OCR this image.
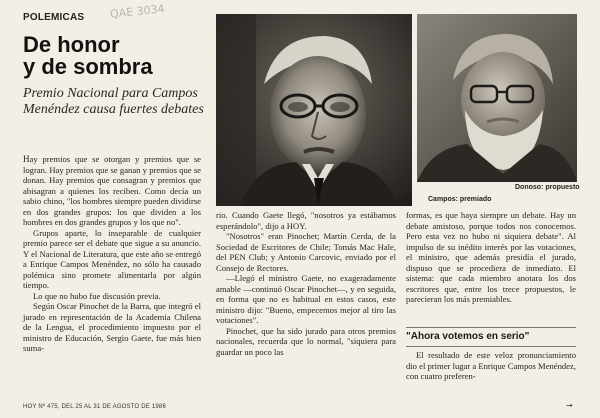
POLEMICAS QAE 3034
De honor
y de sombra

Premio Nacional para Campos Menéndez causa fuertes debates

Donoso: propuesto
Campos: premiado

Hay premios que se otorgan y premios que se logran. Hay premios que se ganan y premios que se donan. Hay premios que consagran y premios que abisagran a quienes los reciben. Como decía un sabio chino, "los hombres siempre pueden dividirse en dos grandes grupos: los que dividen a los hombres en dos grandes grupos y los que no".

Grupos aparte, lo inseparable de cualquier premio parece ser el debate que sigue a su anuncio. Y el Nacional de Literatura, que este año se entregó a Enrique Campos Menéndez, no sólo ha causado polémica sino promete alimentarla por algún tiempo.

Lo que no hubo fue discusión previa.

Según Oscar Pinochet de la Barra, que integró el jurado en representación de la Academia Chilena de la Lengua, el procedimiento impuesto por el ministro de Educación, Sergio Gaete, fue más bien suma-

rio. Cuando Gaete llegó, "nosotros ya estábamos esperándolo", dijo a HOY.

"Nosotros" eran Pinochet; Martín Cerda, de la Sociedad de Escritores de Chile; Tomás Mac Hale, del PEN Club; y Antonio Carcovic, enviado por el Consejo de Rectores.

—Llegó el ministro Gaete, no exageradamente amable —continuó Oscar Pinochet—, y en seguida, en forma que no es habitual en estos casos, este ministro dijo: "Bueno, empecemos mejor al tiro las votaciones".

Pinochet, que ha sido jurado para otros premios nacionales, recuerda que lo normal, "siquiera para guardar un poco las

formas, es que haya siempre un debate. Hay un debate amistoso, porque todos nos conocemos. Pero esta vez no hubo ni siquiera debate". Al impulso de su inédito interés por las votaciones, el ministro, que además presidía el jurado, dispuso que se procediera de inmediato. El sistema: que cada miembro anotara los dos escritores que, entre los trece propuestos, le parecieran los más premiables.

"Ahora votemos en serio"

El resultado de este veloz pronunciamiento dio el primer lugar a Enrique Campos Menéndez, con cuatro preferen-

HOY Nº 475, DEL 25 AL 31 DE AGOSTO DE 1986	→
